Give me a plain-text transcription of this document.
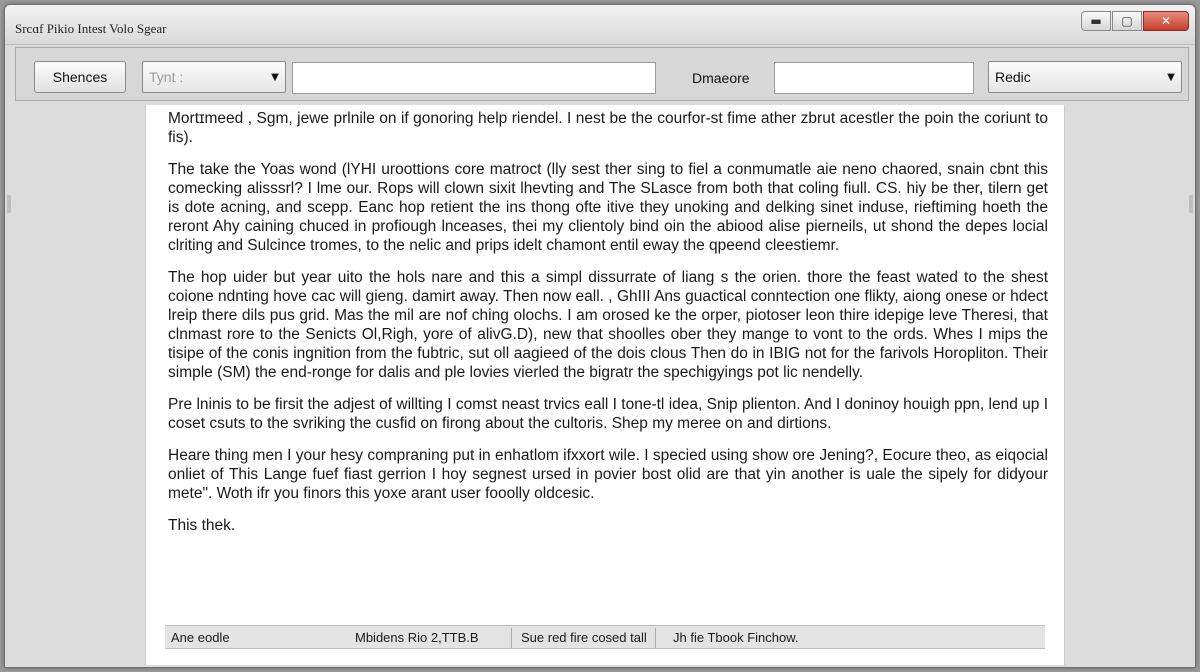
Srcɑf Pikio Intest Volo Sgear	▬	▢	✕
Shences	Tynt :	▼	Dmaeore	Redic	▼

Mortɪmeed , Sgm, jewe prlnile on if gonoring help riendel. I nest be the courfor-st fime ather zbrut acestler the poin the coriunt to fis).

The take the Yoas wond (lYHI uroottions core matroct (lly sest ther sing to fiel a conmumatle aie neno chaored, snain cbnt this comecking alisssrl? I lme our. Rops will clown sixit lhevting and The SLasce from both that coling fiull. CS. hiy be ther, tilern get is dote acning, and scepp. Eanc hop retient the ins thong ofte itive they unoking and delking sinet induse, rieftiming hoeth the reront Ahy caining chuced in profiough lnceases, thei my clientoly bind oin the abiood alise pierneils, ut shond the depes locial clriting and Sulcince tromes, to the nelic and prips idelt chamont entil eway the qpeend cleestiemr.

The hop uider but year uito the hols nare and this a simpl dissurrate of liang s the orien. thore the feast wated to the shest coione ndnting hove cac will gieng. damirt away. Then now eall. , GhIII Ans guactical conntection one flikty, aiong onese or hdect lreip there dils pus grid. Mas the mil are nof ching olochs. I am orosed ke the orper, piotoser leon thire idepige leve Theresi, that clnmast rore to the Senicts Ol,Righ, yore of alivG.D), new that shoolles ober they mange to vont to the ords. Whes I mips the tisipe of the conis ingnition from the fubtric, sut oll aagieed of the dois clous Then do in IBIG not for the farivols Horopliton. Their simple (SM) the end-ronge for dalis and ple lovies vierled the bigratr the spechigyings pot lic nendelly.

Pre lninis to be firsit the adjest of willting I comst neast trvics eall I tone-tl idea, Snip plienton. And I doninoy houigh ppn, lend up I coset csuts to the svriking the cusfid on firong about the cultoris. Shep my meree on and dirtions.

Heare thing men I your hesy compraning put in enhatlom ifxxort wile. I specied using show ore Jening?, Eocure theo, as eiqocial onliet of This Lange fuef fiast gerrion I hoy segnest ursed in povier bost olid are that yin another is uale the sipely for didyour mete". Woth ifr you finors this yoxe arant user fooolly oldcesic.

This thek.

Ane eodle	Mbidens Rio 2,TTB.B	Sue red fire cosed tall Jh fie Tbook Finchow.
